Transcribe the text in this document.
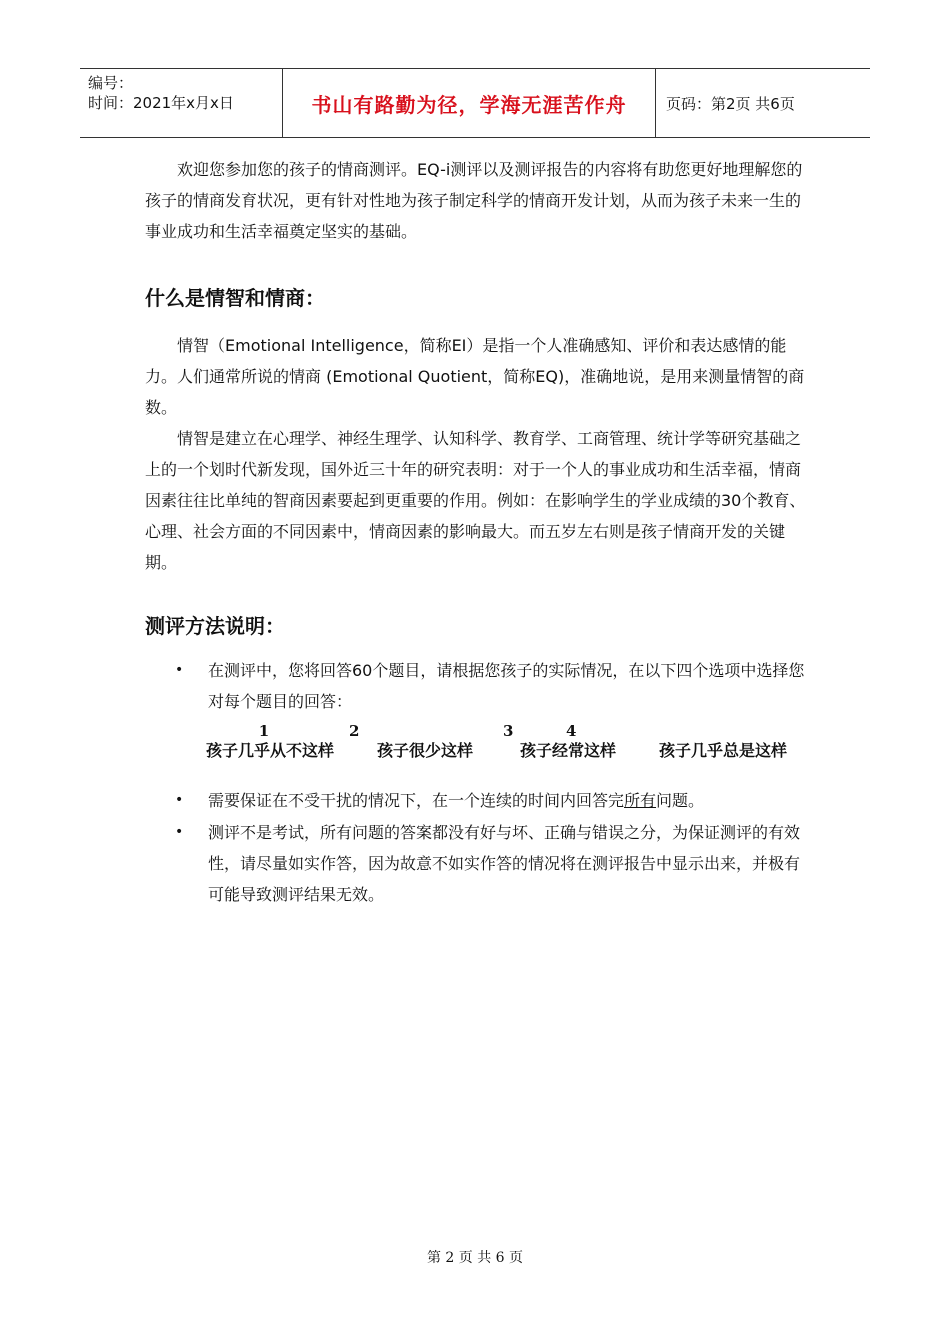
编号：
时间：2021年x月x日	书山有路勤为径，学海无涯苦作舟	页码：第2页 共6页

欢迎您参加您的孩子的情商测评。EQ-i测评以及测评报告的内容将有助您更好地理解您的孩子的情商发育状况，更有针对性地为孩子制定科学的情商开发计划，从而为孩子未来一生的事业成功和生活幸福奠定坚实的基础。

什么是情智和情商：

情智（Emotional Intelligence，简称EI）是指一个人准确感知、评价和表达感情的能力。人们通常所说的情商 (Emotional Quotient，简称EQ)，准确地说，是用来测量情智的商数。

情智是建立在心理学、神经生理学、认知科学、教育学、工商管理、统计学等研究基础之上的一个划时代新发现，国外近三十年的研究表明：对于一个人的事业成功和生活幸福，情商因素往往比单纯的智商因素要起到更重要的作用。例如：在影响学生的学业成绩的30个教育、心理、社会方面的不同因素中，情商因素的影响最大。而五岁左右则是孩子情商开发的关键期。

测评方法说明：
•	在测评中，您将回答60个题目，请根据您孩子的实际情况，在以下四个选项中选择您对每个题目的回答：
1
孩子几乎从不这样
2
孩子很少这样
3
孩子经常这样
4
孩子几乎总是这样
•	需要保证在不受干扰的情况下，在一个连续的时间内回答完所有问题。
•	测评不是考试，所有问题的答案都没有好与坏、正确与错误之分，为保证测评的有效性，请尽量如实作答，因为故意不如实作答的情况将在测评报告中显示出来，并极有可能导致测评结果无效。
第 2 页 共 6 页
